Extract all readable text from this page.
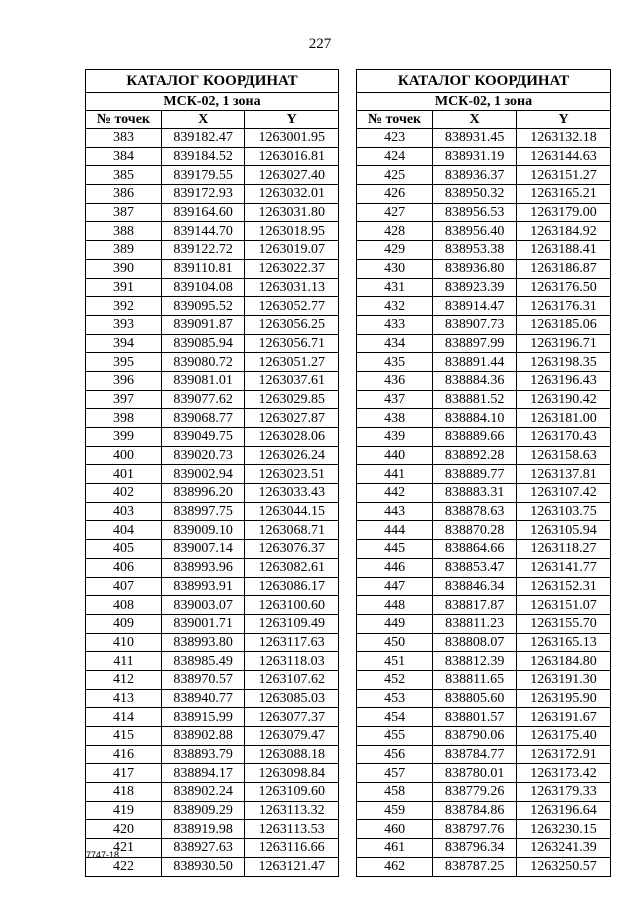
227
КАТАЛОГ КООРДИНАТ		
МСК-02, 1 зона		
№ точек	X	Y
383	839182.47	1263001.95
384	839184.52	1263016.81
385	839179.55	1263027.40
386	839172.93	1263032.01
387	839164.60	1263031.80
388	839144.70	1263018.95
389	839122.72	1263019.07
390	839110.81	1263022.37
391	839104.08	1263031.13
392	839095.52	1263052.77
393	839091.87	1263056.25
394	839085.94	1263056.71
395	839080.72	1263051.27
396	839081.01	1263037.61
397	839077.62	1263029.85
398	839068.77	1263027.87
399	839049.75	1263028.06
400	839020.73	1263026.24
401	839002.94	1263023.51
402	838996.20	1263033.43
403	838997.75	1263044.15
404	839009.10	1263068.71
405	839007.14	1263076.37
406	838993.96	1263082.61
407	838993.91	1263086.17
408	839003.07	1263100.60
409	839001.71	1263109.49
410	838993.80	1263117.63
411	838985.49	1263118.03
412	838970.57	1263107.62
413	838940.77	1263085.03
414	838915.99	1263077.37
415	838902.88	1263079.47
416	838893.79	1263088.18
417	838894.17	1263098.84
418	838902.24	1263109.60
419	838909.29	1263113.32
420	838919.98	1263113.53
421	838927.63	1263116.66
422	838930.50	1263121.47
КАТАЛОГ КООРДИНАТ		
МСК-02, 1 зона		
№ точек	X	Y
423	838931.45	1263132.18
424	838931.19	1263144.63
425	838936.37	1263151.27
426	838950.32	1263165.21
427	838956.53	1263179.00
428	838956.40	1263184.92
429	838953.38	1263188.41
430	838936.80	1263186.87
431	838923.39	1263176.50
432	838914.47	1263176.31
433	838907.73	1263185.06
434	838897.99	1263196.71
435	838891.44	1263198.35
436	838884.36	1263196.43
437	838881.52	1263190.42
438	838884.10	1263181.00
439	838889.66	1263170.43
440	838892.28	1263158.63
441	838889.77	1263137.81
442	838883.31	1263107.42
443	838878.63	1263103.75
444	838870.28	1263105.94
445	838864.66	1263118.27
446	838853.47	1263141.77
447	838846.34	1263152.31
448	838817.87	1263151.07
449	838811.23	1263155.70
450	838808.07	1263165.13
451	838812.39	1263184.80
452	838811.65	1263191.30
453	838805.60	1263195.90
454	838801.57	1263191.67
455	838790.06	1263175.40
456	838784.77	1263172.91
457	838780.01	1263173.42
458	838779.26	1263179.33
459	838784.86	1263196.64
460	838797.76	1263230.15
461	838796.34	1263241.39
462	838787.25	1263250.57
7747-18
